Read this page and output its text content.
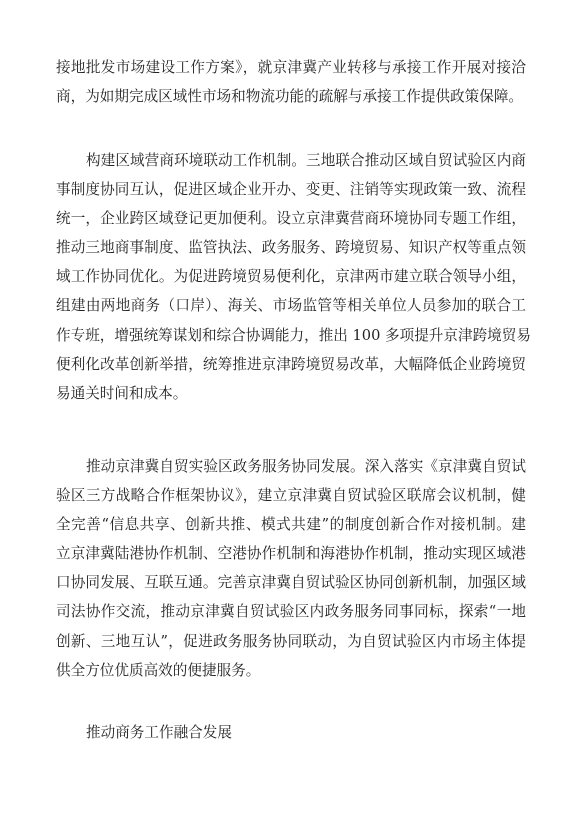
接地批发市场建设工作方案》，就京津冀产业转移与承接工作开展对接洽
商，为如期完成区域性市场和物流功能的疏解与承接工作提供政策保障。

构建区域营商环境联动工作机制。三地联合推动区域自贸试验区内商
事制度协同互认，促进区域企业开办、变更、注销等实现政策一致、流程
统一，企业跨区域登记更加便利。设立京津冀营商环境协同专题工作组，
推动三地商事制度、监管执法、政务服务、跨境贸易、知识产权等重点领
域工作协同优化。为促进跨境贸易便利化，京津两市建立联合领导小组，
组建由两地商务（口岸）、海关、市场监管等相关单位人员参加的联合工
作专班，增强统筹谋划和综合协调能力，推出 100 多项提升京津跨境贸易
便利化改革创新举措，统筹推进京津跨境贸易改革，大幅降低企业跨境贸
易通关时间和成本。

推动京津冀自贸实验区政务服务协同发展。深入落实《京津冀自贸试
验区三方战略合作框架协议》，建立京津冀自贸试验区联席会议机制，健
全完善“信息共享、创新共推、模式共建”的制度创新合作对接机制。建
立京津冀陆港协作机制、空港协作机制和海港协作机制，推动实现区域港
口协同发展、互联互通。完善京津冀自贸试验区协同创新机制，加强区域
司法协作交流，推动京津冀自贸试验区内政务服务同事同标，探索“一地
创新、三地互认”，促进政务服务协同联动，为自贸试验区内市场主体提
供全方位优质高效的便捷服务。

推动商务工作融合发展
